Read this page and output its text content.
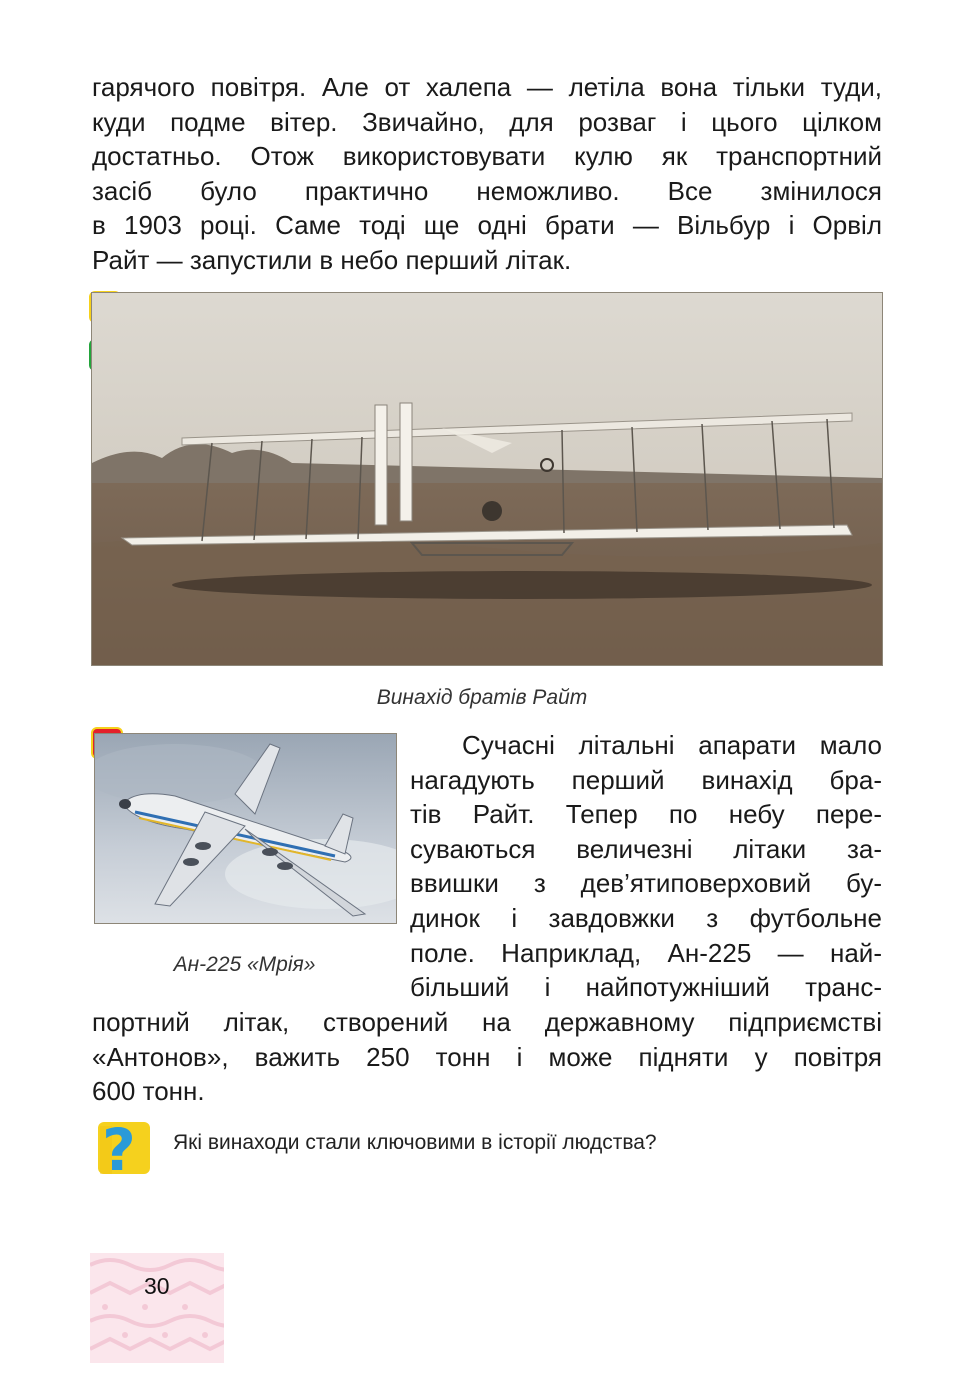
гарячого повітря. Але от халепа — летіла вона тільки туди,
куди подме вітер. Звичайно, для розваг і цього цілком
достатньо. Отож використовувати кулю як транспортний
засіб було практично неможливо. Все змінилося
в 1903 році. Саме тоді ще одні брати — Вільбур і Орвіл
Райт — запустили в небо перший літак.

Винахід братів Райт

Ан-225 «Мрія»

Сучасні літальні апарати мало
нагадують перший винахід бра-
тів Райт. Тепер по небу пере-
суваються величезні літаки за-
ввишки з дев’ятиповерховий бу-
динок і завдовжки з футбольне
поле. Наприклад, Ан-225 — най-
більший і найпотужніший транс-
портний літак, створений на державному підприємстві
«Антонов», важить 250 тонн і може підняти у повітря
600 тонн.
? Які винаходи стали ключовими в історії людства?

30
